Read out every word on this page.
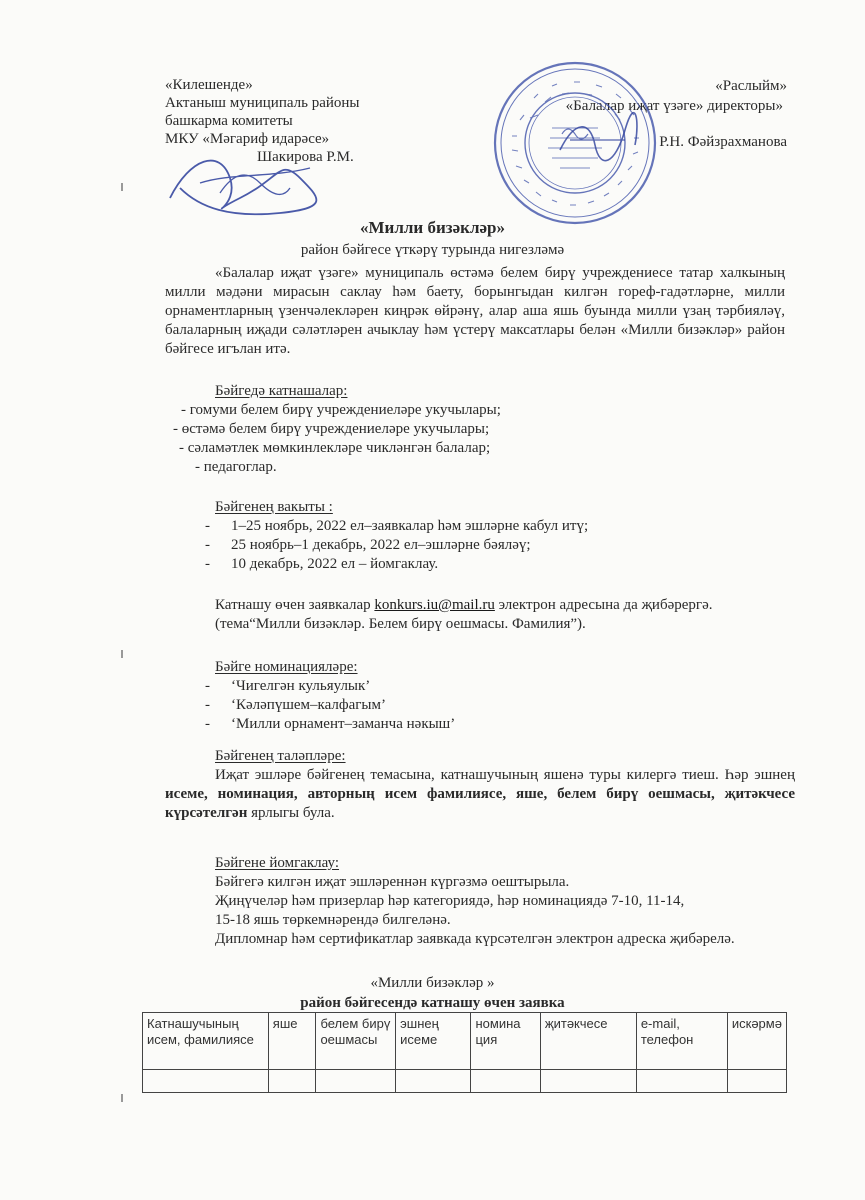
«Килешенде»
Актаныш муниципаль районы
башкарма комитеты
МКУ «Мәгариф идарәсе»
Шакирова Р.М.
«Раслыйм»
«Балалар иҗат үзәге» директоры»
Р.Н. Фәйзрахманова
«Милли бизәкләр»
район бәйгесе үткәрү турында нигезләмә
«Балалар иҗат үзәге» муниципаль өстәмә белем бирү учреждениесе татар халкының милли мәдәни мирасын саклау һәм баету, борынгыдан килгән гореф-гадәтләрне, милли орнаментларның үзенчәлекләрен киңрәк өйрәнү, алар аша яшь буында милли үзаң тәрбияләү, балаларның иҗади сәләтләрен ачыклау һәм үстерү максатлары белән «Милли бизәкләр» район бәйгесе игълан итә.
Бәйгедә катнашалар:
- гомуми белем бирү учреждениеләре укучылары;
- өстәмә белем бирү учреждениеләре укучылары;
- сәламәтлек мөмкинлекләре чикләнгән балалар;
- педагоглар.
Бәйгенең вакыты :
- 1–25 ноябрь, 2022 ел–заявкалар һәм эшләрне кабул итү;
- 25 ноябрь–1 декабрь, 2022 ел–эшләрне бәяләү;
- 10 декабрь, 2022 ел – йомгаклау.
Катнашу өчен заявкалар konkurs.iu@mail.ru электрон адресына да җибәрергә.
(тема“Милли бизәкләр. Белем бирү оешмасы. Фамилия”).
Бәйге номинацияләре:
- ‘Чигелгән кульяулык’
- ‘Кәләпүшем–калфагым’
- ‘Милли орнамент–заманча нәкыш’
Бәйгенең таләпләре:

Иҗат эшләре бәйгенең темасына, катнашучының яшенә туры килергә тиеш. Һәр эшнең исеме, номинация, авторның исем фамилиясе, яше, белем бирү оешмасы, җитәкчесе күрсәтелгән ярлыгы була.

Бәйгене йомгаклау:
Бәйгегә килгән иҗат эшләреннән күргәзмә оештырыла.
Җиңүчеләр һәм призерлар һәр категориядә, һәр номинациядә 7-10, 11-14,
15-18 яшь төркемнәрендә билгеләнә.
Дипломнар һәм сертификатлар заявкада күрсәтелгән электрон адреска җибәрелә.
«Милли бизәкләр »
район бәйгесендә катнашу өчен заявка
Катнашучының исем, фамилиясе	яше	белем бирү оешмасы	эшнең исеме	номина ция	җитәкчесе	e-mail, телефон	искәрмә
